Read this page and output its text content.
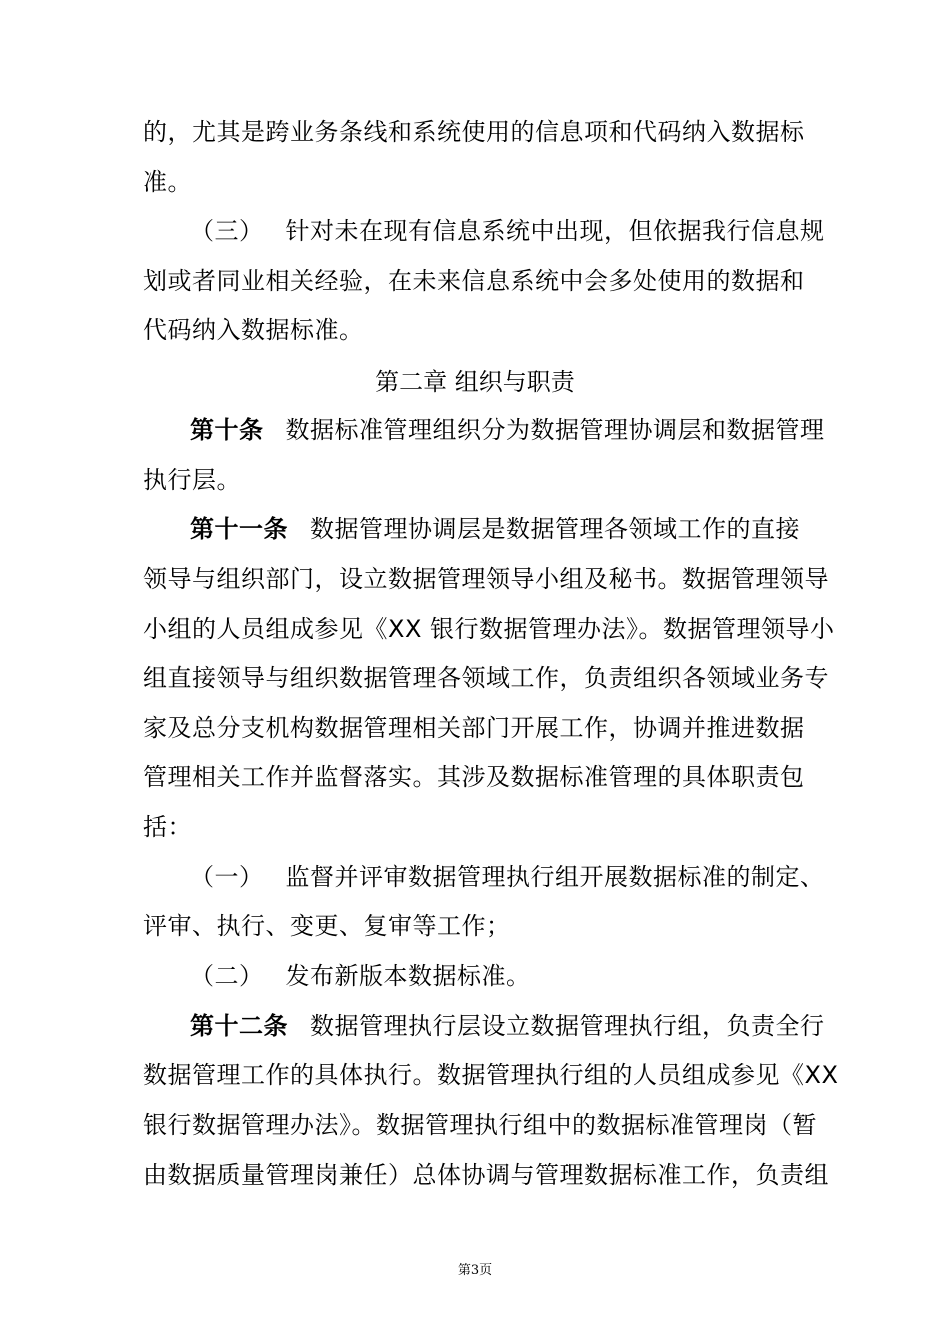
的，尤其是跨业务条线和系统使用的信息项和代码纳入数据标
准。
（三） 针对未在现有信息系统中出现，但依据我行信息规
划或者同业相关经验，在未来信息系统中会多处使用的数据和
代码纳入数据标准。
第二章 组织与职责
第十条 数据标准管理组织分为数据管理协调层和数据管理
执行层。
第十一条 数据管理协调层是数据管理各领域工作的直接
领导与组织部门，设立数据管理领导小组及秘书。数据管理领导
小组的人员组成参见《XX 银行数据管理办法》。数据管理领导小
组直接领导与组织数据管理各领域工作，负责组织各领域业务专
家及总分支机构数据管理相关部门开展工作，协调并推进数据
管理相关工作并监督落实。其涉及数据标准管理的具体职责包
括：
（一） 监督并评审数据管理执行组开展数据标准的制定、
评审、执行、变更、复审等工作；
（二） 发布新版本数据标准。
第十二条 数据管理执行层设立数据管理执行组，负责全行
数据管理工作的具体执行。数据管理执行组的人员组成参见《XX
银行数据管理办法》。数据管理执行组中的数据标准管理岗（暂
由数据质量管理岗兼任）总体协调与管理数据标准工作，负责组
第3页
